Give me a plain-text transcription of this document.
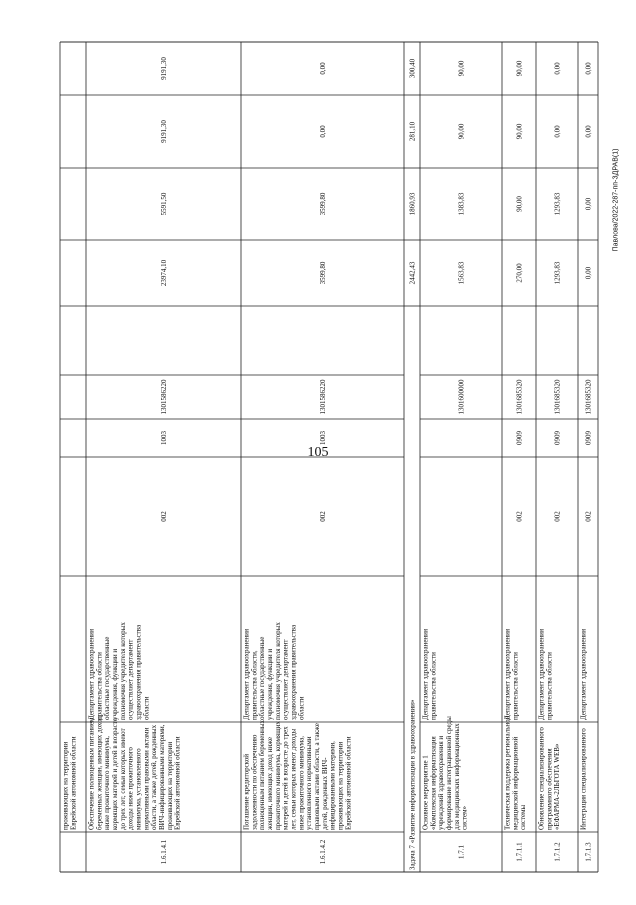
105
Павлова/2022-287-пп-ЗДРАВ(1)
проживающих на территории Еврейской автономной области
1.6.1.4.1
Обеспечение полноценным питанием беременных женщин, имеющих доход ниже прожиточного минимума, кормящих матерей и детей в возрасте до трех лет, семьи которых имеют доходы ниже прожиточного минимума, установленного нормативными правовыми актами области, а также детей, рожденных ВИЧ-инфицированными матерями, проживающих на территории Еврейской автономной области
Департамент здравоохранения правительства области областные государственные учреждения, функции и полномочия учредителя которых осуществляет департамент здравоохранения правительства области
002
1003
1301586220
23974,10
5591,50
9191,30
9191,30
1.6.1.4.2
Погашение кредиторской задолженности по обеспечению полноценным питанием беременных женщин, имеющих доход ниже прожиточного минимума, кормящих матерей и детей в возрасте до трех лет, семьи которых имеют доходы ниже прожиточного минимума, установленного нормативными правовыми актами области, а также детей, рожденных ВИЧ- инфицированными матерями, проживающих на территории Еврейской автономной области
Департамент здравоохранения правительства области, областные государственные учреждения, функции и полномочия учредителя которых осуществляет департамент здравоохранения правительства области
002
1003
1301586220
3599,80
3599,80
0,00
0,00
Задача 7«Развитие информатизации в здравоохранении»
2442,43
1860,93
281,10
300,40
1.7.1
Основное мероприятие 1 «Комплексная информатизация учреждений здравоохранения и формирование интеграционной среды для медицинских информационных систем»
Департамент здравоохранения правительства области
1301600000
1563,83
1383,83
90,00
90,00
1.7.1.1
Техническая поддержка региональной медицинской информационной системы
Департамент здравоохранения правительства области
002
0909
1301685320
270,00
90,00
90,00
90,00
1.7.1.2
Обновление специализированного программного обеспечения «ЕФАРМА-2ЛЬГОТА WEB»
Департамент здравоохранения правительства области
002
0909
1301685320
1293,83
1293,83
0,00
0,00
1.7.1.3
Интеграция специализированного
Департамент здравоохранения
002
0909
1301685320
0,00
0,00
0,00
0,00
